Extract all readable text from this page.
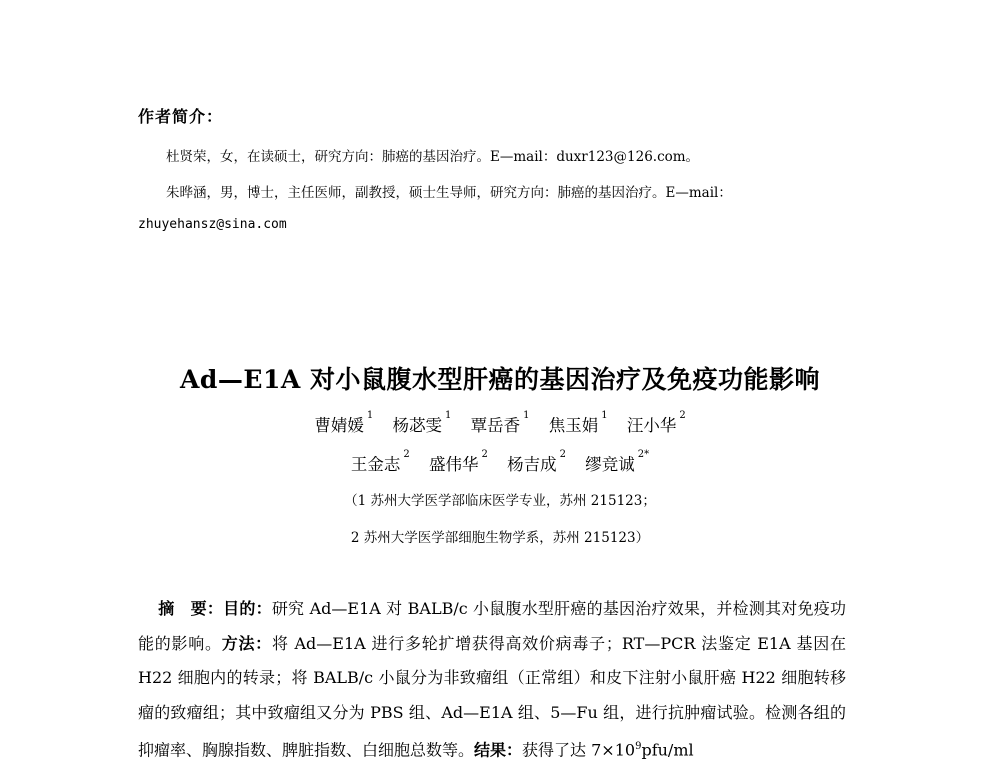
作者简介：
杜贤荣，女，在读硕士，研究方向：肺癌的基因治疗。E—mail：duxr123@126.com。
朱晔涵，男，博士，主任医师，副教授，硕士生导师，研究方向：肺癌的基因治疗。E—mail：
zhuyehansz@sina.com
Ad—E1A 对小鼠腹水型肝癌的基因治疗及免疫功能影响
曹婧媛$^1$ 杨苾雯$^1$ 覃岳香$^1$ 焦玉娟$^1$ 汪小华$^2$
王金志$^2$ 盛伟华$^2$ 杨吉成$^2$ 缪竞诚$^{2*}$
（1 苏州大学医学部临床医学专业，苏州 215123；
2 苏州大学医学部细胞生物学系，苏州 215123）
摘　要：目的：研究 Ad—E1A 对 BALB/c 小鼠腹水型肝癌的基因治疗效果，并检测其对免疫功能的影响。方法：将 Ad—E1A 进行多轮扩增获得高效价病毒子；RT—PCR 法鉴定 E1A 基因在 H22 细胞内的转录；将 BALB/c 小鼠分为非致瘤组（正常组）和皮下注射小鼠肝癌 H22 细胞转移瘤的致瘤组；其中致瘤组又分为 PBS 组、Ad—E1A 组、5—Fu 组，进行抗肿瘤试验。检测各组的抑瘤率、胸腺指数、脾脏指数、白细胞总数等。结果：获得了达 $7\times 10^9pfu/ml$
